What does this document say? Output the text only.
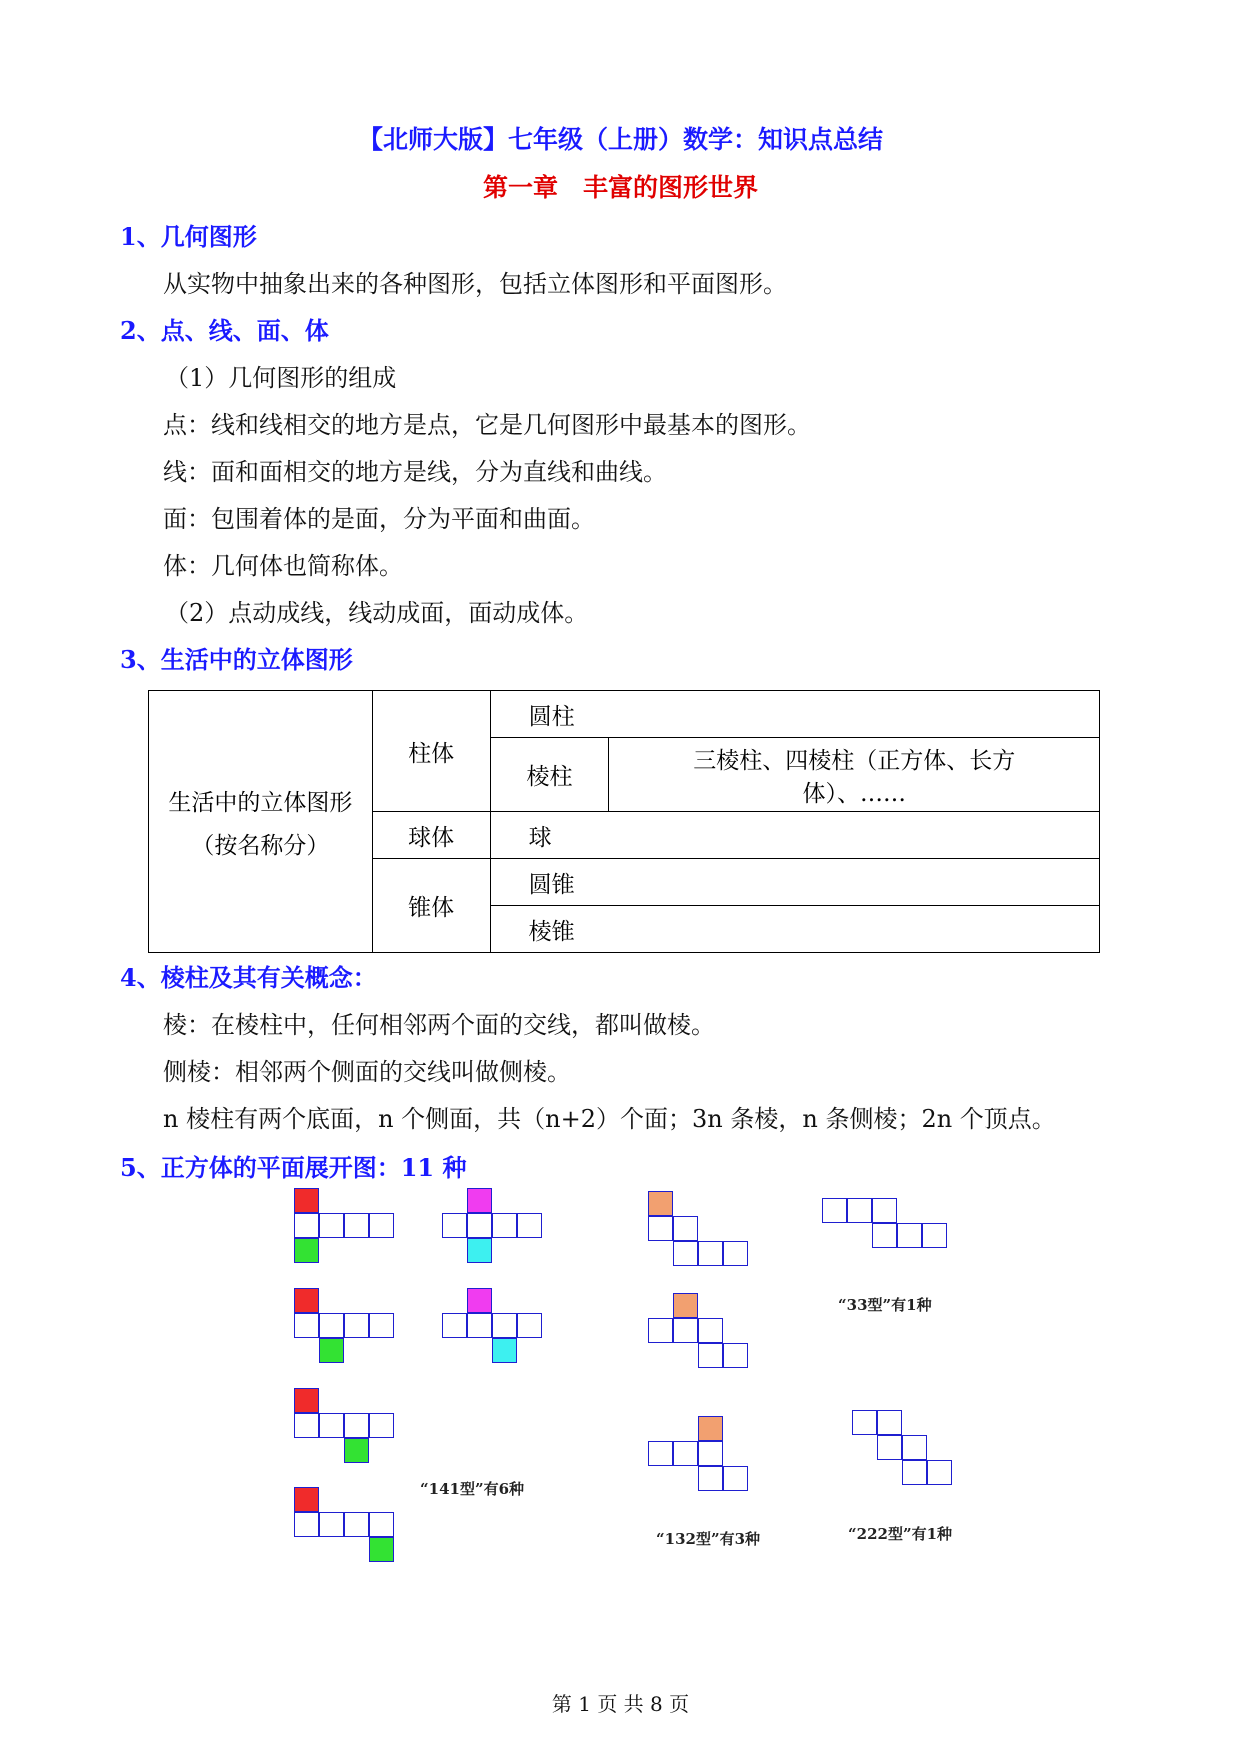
【北师大版】七年级（上册）数学：知识点总结
第一章　丰富的图形世界
1、几何图形
从实物中抽象出来的各种图形，包括立体图形和平面图形。
2、点、线、面、体
（1）几何图形的组成
点：线和线相交的地方是点，它是几何图形中最基本的图形。
线：面和面相交的地方是线，分为直线和曲线。
面：包围着体的是面，分为平面和曲面。
体：几何体也简称体。
（2）点动成线，线动成面，面动成体。
3、生活中的立体图形
生活中的立体图形
（按名称分）	柱体	圆柱	
		棱柱	三棱柱、四棱柱（正方体、长方体）、……
	球体	球	
	锥体	圆锥	
		棱锥	
4、棱柱及其有关概念：
棱：在棱柱中，任何相邻两个面的交线，都叫做棱。
侧棱：相邻两个侧面的交线叫做侧棱。
n 棱柱有两个底面，n 个侧面，共（n+2）个面；3n 条棱，n 条侧棱；2n 个顶点。
5、正方体的平面展开图：11 种
“141型”有6种
“132型”有3种	“222型”有1种
“33型”有1种
第 1 页 共 8 页
